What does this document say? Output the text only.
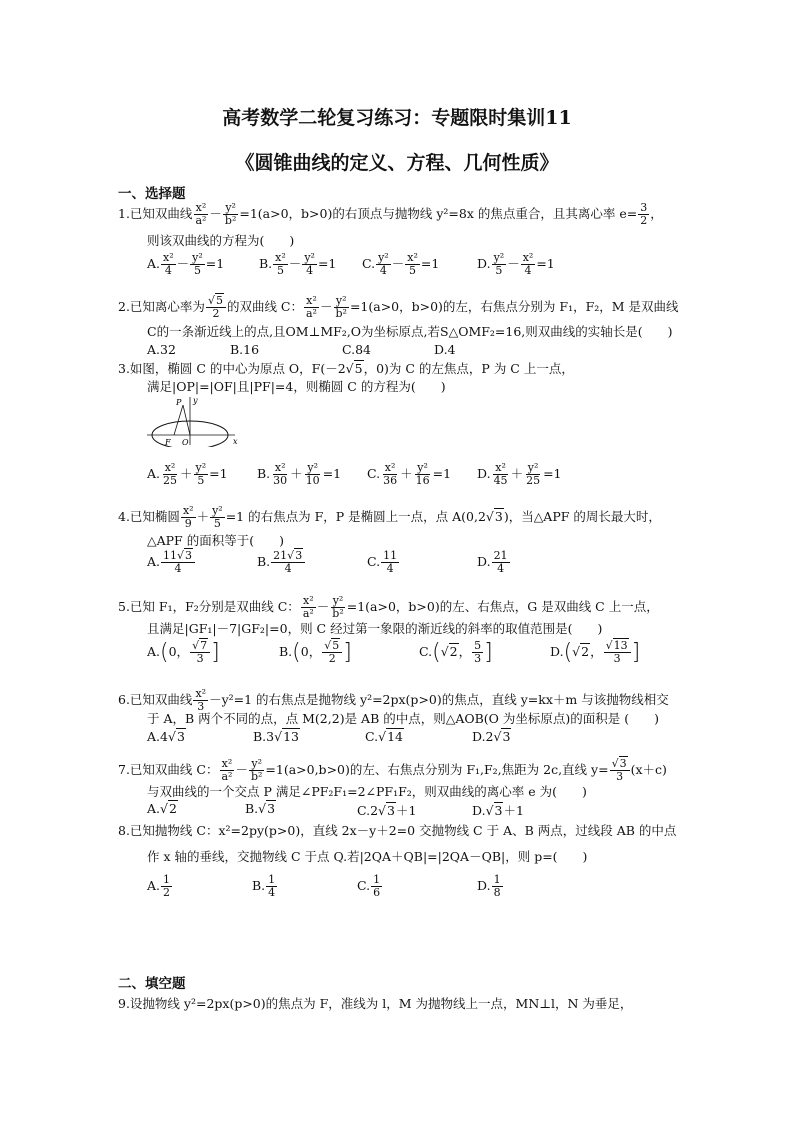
高考数学二轮复习练习：专题限时集训11
《圆锥曲线的定义、方程、几何性质》
一、选择题
1.已知双曲线 $\frac{\text{x²}}{\text{a²}} - \frac{\text{y²}}{\text{b²}} =1(a>0$，b>0)的右顶点与抛物线 y²=8x 的焦点重合，且其离心率 $e= \frac{3}{2}$ ，
则该双曲线的方程为(　　)
A. $\frac{\text{x²}}{4} - \frac{\text{y²}}{5} =1$	B. $\frac{\text{x²}}{5} - \frac{\text{y²}}{4} =1$ C. $\frac{\text{y²}}{4} - \frac{\text{x²}}{5} =1$	D. $\frac{\text{y²}}{5} - \frac{\text{x²}}{4} =1$
2.已知离心率为 $\frac{√5}{2}$ 的双曲线 C： $\frac{\text{x²}}{\text{a²}} - \frac{\text{y²}}{\text{b²}} =1(a>0$，b>0)的左，右焦点分别为 F₁，F₂，M 是双曲线
C的一条渐近线上的点,且OM⊥MF₂,O为坐标原点,若S△OMF₂=16,则双曲线的实轴长是(　　)
A.32	B.16	C.84	D.4
3.如图，椭圆 C 的中心为原点 O，F(－2√5，0)为 C 的左焦点，P 为 C 上一点，
满足|OP|=|OF|且|PF|=4，则椭圆 C 的方程为(　　)
P y
F O	x
A. $\frac{\text{x²}}{25} + \frac{\text{y²}}{5} =1$ B. $\frac{\text{x²}}{30} + \frac{\text{y²}}{10} =1$ C. $\frac{\text{x²}}{36} + \frac{\text{y²}}{16} =1$ D. $\frac{\text{x²}}{45} + \frac{\text{y²}}{25} =1$
4.已知椭圆 $\frac{\text{x²}}{9} + \frac{\text{y²}}{5} =1$ 的右焦点为 F，P 是椭圆上一点，点 A(0,2√3)，当△APF 的周长最大时，
△APF 的面积等于(　　)
A. $\frac{11√3}{4}$	B. $\frac{21√3}{4}$	C. $\frac{11}{4}$	D. $\frac{21}{4}$
5.已知 F₁，F₂分别是双曲线 C： $\frac{\text{x²}}{\text{a²}} - \frac{\text{y²}}{\text{b²}} =1(a>0$，b>0)的左、右焦点，G 是双曲线 C 上一点，
且满足|GF₁|－7|GF₂|=0，则 C 经过第一象限的渐近线的斜率的取值范围是(　　)
A.(0， $\frac{√7}{3}$ ]	B.(0， $\frac{√5}{2}$ ]	C.(√2， $\frac{5}{3}$ ]	D.(√2， $\frac{√13}{3}$ ]
6.已知双曲线 $\frac{\text{x²}}{3} -y^2=1$ 的右焦点是抛物线 y²=2px(p>0)的焦点，直线 y=kx＋m 与该抛物线相交
于 A，B 两个不同的点，点 M(2,2)是 AB 的中点，则△AOB(O 为坐标原点)的面积是 (　　)
A.4√3	B.3√13	C.√14	D.2√3
7.已知双曲线 C： $\frac{\text{x²}}{\text{a²}} - \frac{\text{y²}}{\text{b²}} =1(a>0,b>0)$的左、右焦点分别为 F₁,F₂,焦距为 2c,直线 $y= \frac{√3}{3} (x+c)$
与双曲线的一个交点 P 满足∠PF₂F₁=2∠PF₁F₂，则双曲线的离心率 e 为(　　)
A.√2	B.√3	C.2√3＋1	D.√3＋1
8.已知抛物线 C：x²=2py(p>0)，直线 2x－y＋2=0 交抛物线 C 于 A、B 两点，过线段 AB 的中点
作 x 轴的垂线，交抛物线 C 于点 Q.若|2QA＋QB|=|2QA－QB|，则 p=(　　)
A. $\frac{1}{2}$	B. $\frac{1}{4}$	C. $\frac{1}{6}$	D. $\frac{1}{8}$
二、填空题
9.设抛物线 y²=2px(p>0)的焦点为 F，准线为 l，M 为抛物线上一点，MN⊥l，N 为垂足，
